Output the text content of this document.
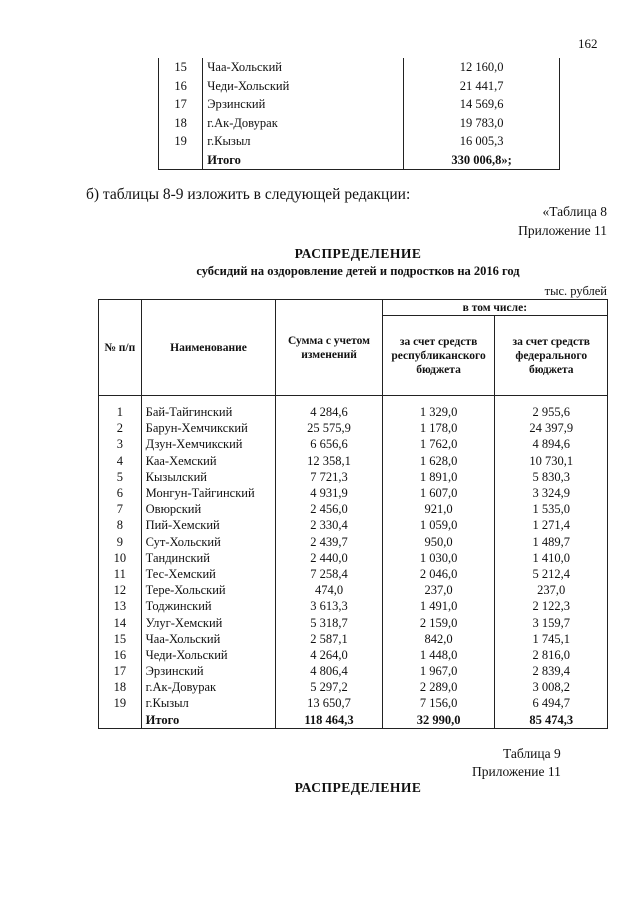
162
15	Чаа-Хольский	12 160,0
16	Чеди-Хольский	21 441,7
17	Эрзинский	14 569,6
18	г.Ак-Довурак	19 783,0
19	г.Кызыл	16 005,3
	Итого	330 006,8»;
б) таблицы 8-9 изложить в следующей редакции:
«Таблица 8
Приложение 11
РАСПРЕДЕЛЕНИЕ
субсидий на оздоровление детей и подростков на 2016 год
тыс. рублей
№ п/п	Наименование	Сумма с учетом изменений	в том числе:	
			за счет средств республиканского бюджета	за счет средств федерального бюджета

1	Бай-Тайгинский	4 284,6	1 329,0	2 955,6
2	Барун-Хемчикский	25 575,9	1 178,0	24 397,9
3	Дзун-Хемчикский	6 656,6	1 762,0	4 894,6
4	Каа-Хемский	12 358,1	1 628,0	10 730,1
5	Кызылский	7 721,3	1 891,0	5 830,3
6	Монгун-Тайгинский	4 931,9	1 607,0	3 324,9
7	Овюрский	2 456,0	921,0	1 535,0
8	Пий-Хемский	2 330,4	1 059,0	1 271,4
9	Сут-Хольский	2 439,7	950,0	1 489,7
10	Тандинский	2 440,0	1 030,0	1 410,0
11	Тес-Хемский	7 258,4	2 046,0	5 212,4
12	Тере-Хольский	474,0	237,0	237,0
13	Тоджинский	3 613,3	1 491,0	2 122,3
14	Улуг-Хемский	5 318,7	2 159,0	3 159,7
15	Чаа-Хольский	2 587,1	842,0	1 745,1
16	Чеди-Хольский	4 264,0	1 448,0	2 816,0
17	Эрзинский	4 806,4	1 967,0	2 839,4
18	г.Ак-Довурак	5 297,2	2 289,0	3 008,2
19	г.Кызыл	13 650,7	7 156,0	6 494,7
	Итого	118 464,3	32 990,0	85 474,3
Таблица 9
Приложение 11
РАСПРЕДЕЛЕНИЕ
